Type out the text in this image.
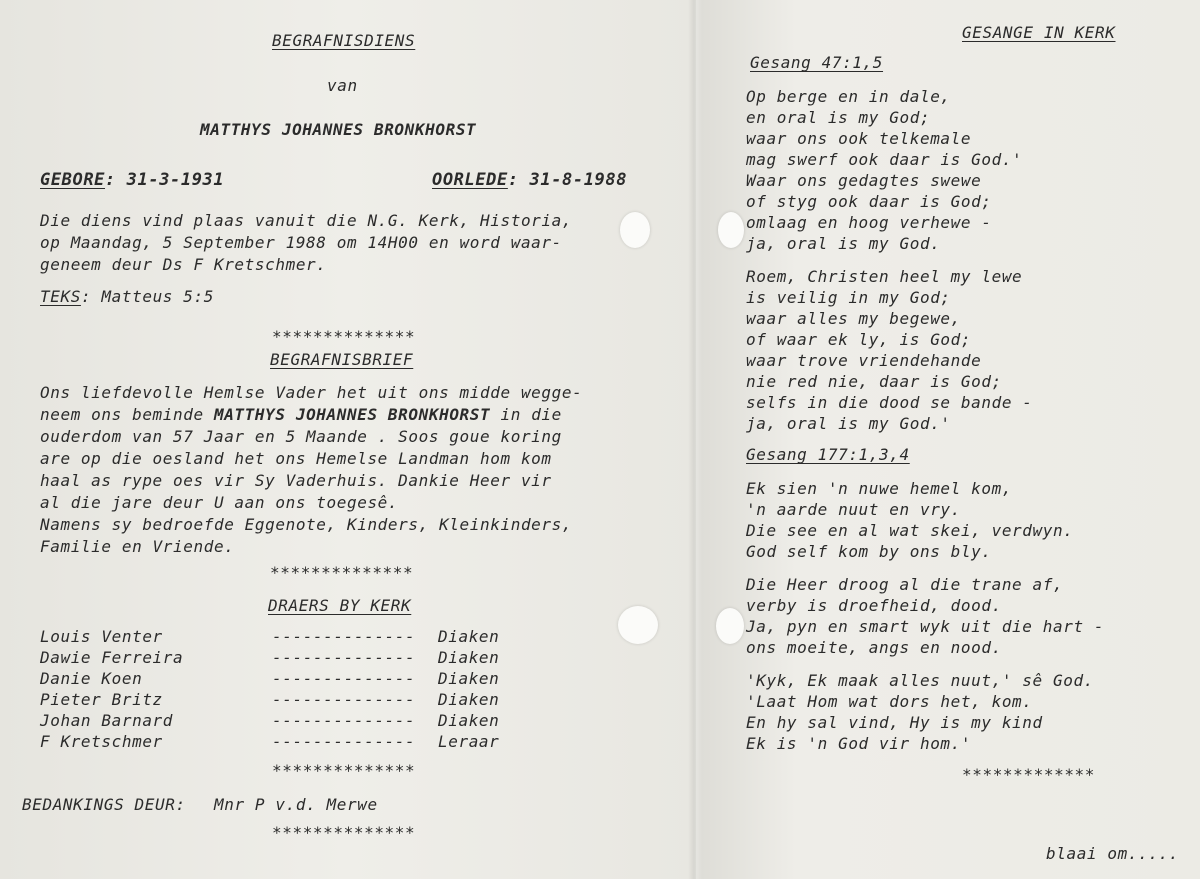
BEGRAFNISDIENS
van
MATTHYS JOHANNES BRONKHORST
GEBORE: 31-3-1931	OORLEDE: 31-8-1988
Die diens vind plaas vanuit die N.G. Kerk, Historia,
op Maandag, 5 September 1988 om 14H00 en word waar-
geneem deur Ds F Kretschmer.
TEKS: Matteus 5:5
**************
BEGRAFNISBRIEF
Ons liefdevolle Hemlse Vader het uit ons midde wegge-
neem ons beminde MATTHYS JOHANNES BRONKHORST in die
ouderdom van 57 Jaar en 5 Maande . Soos goue koring
are op die oesland het ons Hemelse Landman hom kom
haal as rype oes vir Sy Vaderhuis. Dankie Heer vir
al die jare deur U aan ons toegesê.
Namens sy bedroefde Eggenote, Kinders, Kleinkinders,
Familie en Vriende.
**************
DRAERS BY KERK
Louis Venter	-------------- Diaken
Dawie Ferreira	-------------- Diaken
Danie Koen	-------------- Diaken
Pieter Britz	-------------- Diaken
Johan Barnard	-------------- Diaken
F Kretschmer	-------------- Leraar
**************
BEDANKINGS DEUR: Mnr P v.d. Merwe
**************
GESANGE IN KERK
Gesang 47:1,5
Op berge en in dale,
en oral is my God;
waar ons ook telkemale
mag swerf ook daar is God.'
Waar ons gedagtes swewe
of styg ook daar is God;
omlaag en hoog verhewe -
ja, oral is my God.
Roem, Christen heel my lewe
is veilig in my God;
waar alles my begewe,
of waar ek ly, is God;
waar trove vriendehande
nie red nie, daar is God;
selfs in die dood se bande -
ja, oral is my God.'
Gesang 177:1,3,4
Ek sien 'n nuwe hemel kom,
'n aarde nuut en vry.
Die see en al wat skei, verdwyn.
God self kom by ons bly.
Die Heer droog al die trane af,
verby is droefheid, dood.
Ja, pyn en smart wyk uit die hart -
ons moeite, angs en nood.
'Kyk, Ek maak alles nuut,' sê God.
'Laat Hom wat dors het, kom.
En hy sal vind, Hy is my kind
Ek is 'n God vir hom.'
*************
blaai om.....
